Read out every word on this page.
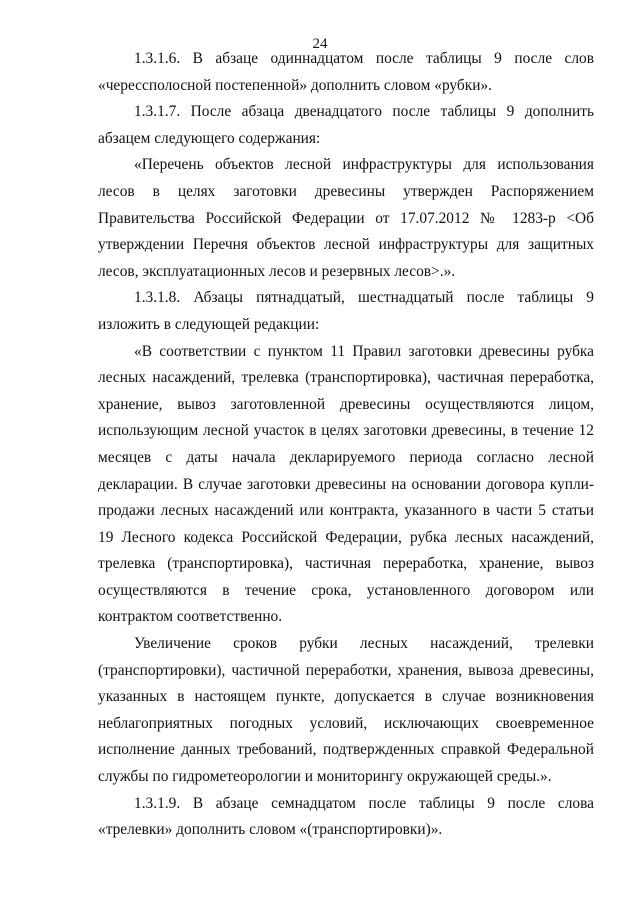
24

1.3.1.6. В абзаце одиннадцатом после таблицы 9 после слов «черессполосной постепенной» дополнить словом «рубки».

1.3.1.7. После абзаца двенадцатого после таблицы 9 дополнить абзацем следующего содержания:

«Перечень объектов лесной инфраструктуры для использования лесов в целях заготовки древесины утвержден Распоряжением Правительства Российской Федерации от 17.07.2012 № 1283-р <Об утверждении Перечня объектов лесной инфраструктуры для защитных лесов, эксплуатационных лесов и резервных лесов>.».

1.3.1.8. Абзацы пятнадцатый, шестнадцатый после таблицы 9 изложить в следующей редакции:

«В соответствии с пунктом 11 Правил заготовки древесины рубка лесных насаждений, трелевка (транспортировка), частичная переработка, хранение, вывоз заготовленной древесины осуществляются лицом, использующим лесной участок в целях заготовки древесины, в течение 12 месяцев с даты начала декларируемого периода согласно лесной декларации. В случае заготовки древесины на основании договора купли-продажи лесных насаждений или контракта, указанного в части 5 статьи 19 Лесного кодекса Российской Федерации, рубка лесных насаждений, трелевка (транспортировка), частичная переработка, хранение, вывоз осуществляются в течение срока, установленного договором или контрактом соответственно.

Увеличение сроков рубки лесных насаждений, трелевки (транспортировки), частичной переработки, хранения, вывоза древесины, указанных в настоящем пункте, допускается в случае возникновения неблагоприятных погодных условий, исключающих своевременное исполнение данных требований, подтвержденных справкой Федеральной службы по гидрометеорологии и мониторингу окружающей среды.».

1.3.1.9. В абзаце семнадцатом после таблицы 9 после слова «трелевки» дополнить словом «(транспортировки)».
